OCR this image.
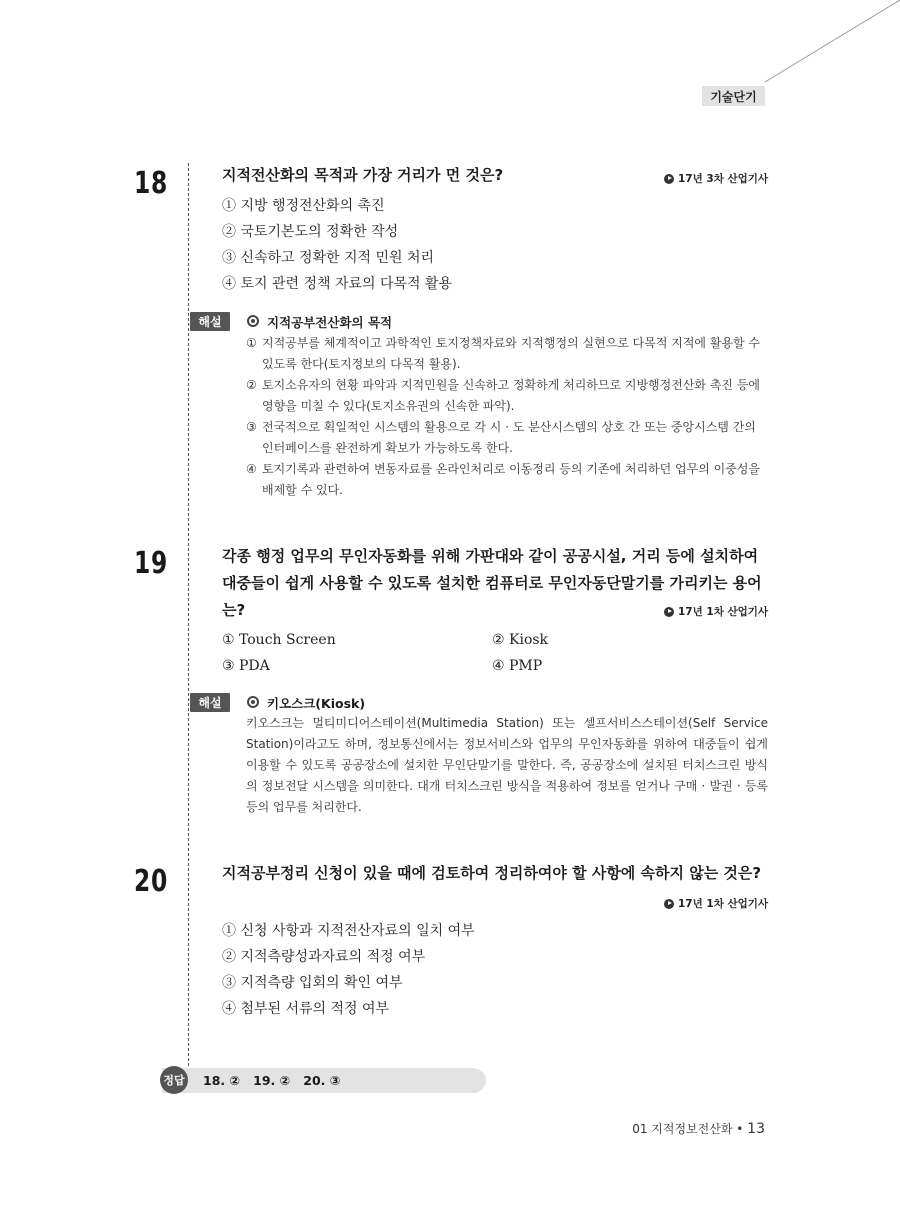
기술단기
18	지적전산화의 목적과 가장 거리가 먼 것은?	17년 3차 산업기사
① 지방 행정전산화의 촉진
② 국토기본도의 정확한 작성
③ 신속하고 정확한 지적 민원 처리
④ 토지 관련 정책 자료의 다목적 활용
해설	지적공부전산화의 목적
① 지적공부를 체계적이고 과학적인 토지정책자료와 지적행정의 실현으로 다목적 지적에 활용할 수 있도록 한다(토지정보의 다목적 활용).
② 토지소유자의 현황 파악과 지적민원을 신속하고 정확하게 처리하므로 지방행정전산화 촉진 등에 영향을 미칠 수 있다(토지소유권의 신속한 파악).
③ 전국적으로 획일적인 시스템의 활용으로 각 시 · 도 분산시스템의 상호 간 또는 중앙시스템 간의 인터페이스를 완전하게 확보가 가능하도록 한다.
④ 토지기록과 관련하여 변동자료를 온라인처리로 이동정리 등의 기존에 처리하던 업무의 이중성을 배제할 수 있다.
19	각종 행정 업무의 무인자동화를 위해 가판대와 같이 공공시설, 거리 등에 설치하여 대중들이 쉽게 사용할 수 있도록 설치한 컴퓨터로 무인자동단말기를 가리키는 용어는?	17년 1차 산업기사
① Touch Screen	② Kiosk
③ PDA	④ PMP
해설	키오스크(Kiosk)
키오스크는 멀티미디어스테이션(Multimedia Station) 또는 셀프서비스스테이션(Self Service Station)이라고도 하며, 정보통신에서는 정보서비스와 업무의 무인자동화를 위하여 대중들이 쉽게 이용할 수 있도록 공공장소에 설치한 무인단말기를 말한다. 즉, 공공장소에 설치된 터치스크린 방식의 정보전달 시스템을 의미한다. 대개 터치스크린 방식을 적용하여 정보를 얻거나 구매 · 발권 · 등록 등의 업무를 처리한다.
20	지적공부정리 신청이 있을 때에 검토하여 정리하여야 할 사항에 속하지 않는 것은?
17년 1차 산업기사
① 신청 사항과 지적전산자료의 일치 여부
② 지적측량성과자료의 적정 여부
③ 지적측량 입회의 확인 여부
④ 첨부된 서류의 적정 여부
정답 18. ②   19. ②   20. ③
01 지적정보전산화 • 13
